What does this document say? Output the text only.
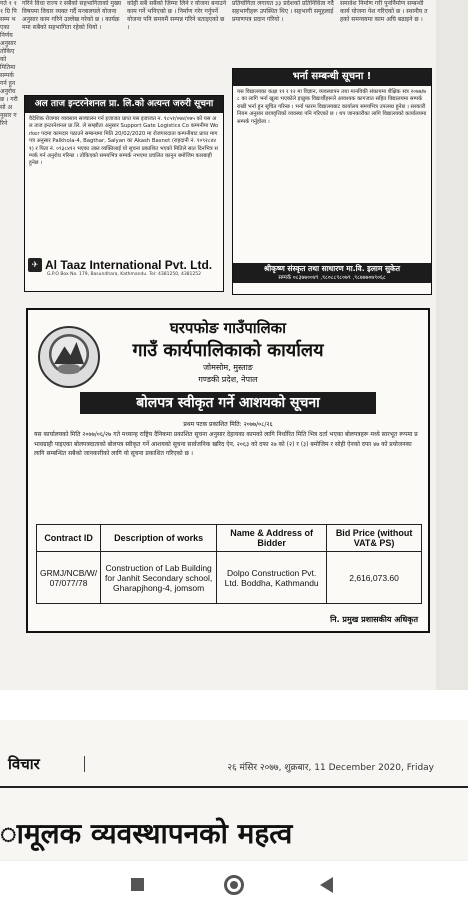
गते १ ११ ग्रि पि सम्म भएका निर्णय अनुसार तोकिएको मितिमा सम्पर्क गर्न हुन अनुरोध छ । गरी सो अनुसार गरिने
गरिने विधा राज्य र सबैको सहभागिताको मुख्य विषयमा विचार व्यक्त गर्दै मन्त्रालयले योजना अनुसार काम गरिने उल्लेख गरेको छ । कार्यक्रममा सबैको सहभागिता रहेको थियो ।
कोही सबै सबैको जिम्मा लिने र योजना बनाउने काम गर्ने भनिएको छ । निर्माण गरेर गर्नुपर्ने योजना पनि समयमै सम्पन्न गरिने बताइएको छ ।
प्रतियोगिता लगायत ३३ प्रदेशको प्रतिनिधित्व गर्दै सहभागीहरू उपस्थित थिए । सहभागी समूहलाई प्रमाणपत्र प्रदान गरियो ।
समावेश निर्माण गरी पुनर्निर्माण सम्बन्धी कार्य योजना पेश गरिएको छ । स्थानीय तहको समन्वयमा काम अघि बढाइने छ ।
अल ताज इन्टरनेशनल प्रा. लि.को अत्यन्त जरुरी सूचना
वैदेशिक रोजगार व्यवसाय सञ्चालन गर्न इजाजत प्राप्त यस इजाजत न. १८५१/०७४/०७५ को यस अल ताज इन्टरनेशनल प्रा.लि. ले सम्झौता अनुसार Support Gate Logistics Co कम्पनीमा Worker पदमा कामदार पठाउने सम्बन्धमा मिति 20/02/2020 मा रोजगारदाता कम्पनीबाट प्राप्त मागपत्र अनुसार Palkhola-4, Bagthar, Salyan का Akash Basnet (राहदानी नं. १०९२८४४१) र पिता नं. ०९३८४१२ भएका उक्त व्यक्तिलाई यो सूचना प्रकाशित भएको मितिले सात दिनभित्र सम्पर्क गर्न अनुरोध गरिन्छ । तोकिएको समयभित्र सम्पर्क नभएमा प्रचलित कानुन बमोजिम कारबाही हुनेछ ।
✈ Al Taaz International Pvt. Ltd.
G.P.O Box No. 179, Basundhara, Kathmandu. Tel: 4381250, 4381252
भर्ना सम्बन्धी सूचना !
यस विद्यालयका कक्षा ११ र १२ मा विज्ञान, व्यवस्थापन तथा मानविकी संकायमा शैक्षिक सत्र २०७७/७८ का लागि भर्ना खुला भएकोले इच्छुक विद्यार्थीहरूले आवश्यक कागजात सहित विद्यालयमा सम्पर्क राखी भर्ना हुन सूचित गरिन्छ । भर्ना फारम विद्यालयबाट कार्यालय समयभित्र उपलब्ध हुनेछ । सरकारी नियम अनुसार छात्रवृत्तिको व्यवस्था पनि गरिएको छ । थप जानकारीका लागि विद्यालयको कार्यालयमा सम्पर्क गर्नुहोला ।
श्रीकृष्ण संस्कृत तथा साधारण मा.वि. इलाम सुकेत
सम्पर्क ०८३७७००४९ ,९८०८८९८०७९ ,९८७७७०७९०६८
घरपफोङ गाउँपालिका
गाउँ कार्यपालिकाको कार्यालय
जोमसोम, मुस्ताङ
गण्डकी प्रदेश, नेपाल
बोलपत्र स्वीकृत गर्ने आशयको सूचना
प्रथम पटक प्रकाशित मिति: २०७७/०८/२६
यस कार्यालयको मिति २०७७/०६/२७ गते मध्यान्ह राष्ट्रिय दैनिकमा प्रकाशित सूचना अनुसार देहायका कामको लागि निर्धारित मिति भित्र दर्ता भएका बोलपत्रहरू मध्ये सारभूत रूपमा प्रभावग्राही पाइएका बोलपत्रदाताको बोलपत्र स्वीकृत गर्ने आशयको सूचना सार्वजनिक खरिद ऐन, २०६३ को दफा २७ को (२) र (३) बमोजिम र सोही ऐनको दफा ४७ को प्रयोजनका लागि सम्बन्धित सबैको जानकारीको लागि यो सूचना प्रकाशित गरिएको छ ।
Contract ID	Description of works	Name & Address of Bidder	Bid Price (without VAT& PS)
GRMJ/NCB/W/ 07/077/78	Construction of Lab Building for Janhit Secondary school, Gharapjhong-4, jomsom	Dolpo Construction Pvt. Ltd. Boddha, Kathmandu	2,616,073.60
नि. प्रमुख प्रशासकीय अधिकृत
विचार	२६ मंसिर २०७७, शुक्रबार, 11 December 2020, Friday
ामूलक व्यवस्थापनको महत्व
